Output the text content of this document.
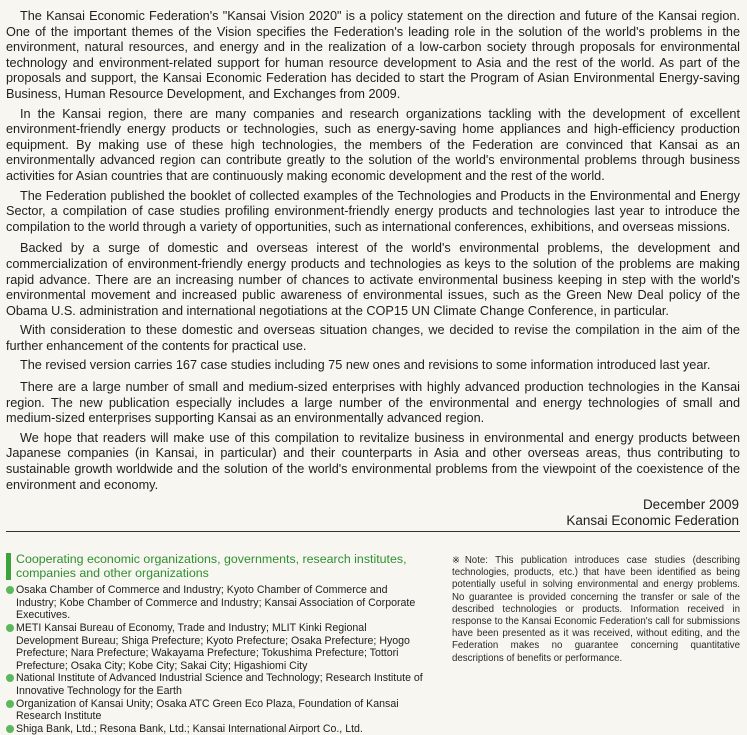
The Kansai Economic Federation's "Kansai Vision 2020" is a policy statement on the direction and future of the Kansai region. One of the important themes of the Vision specifies the Federation's leading role in the solution of the world's problems in the environment, natural resources, and energy and in the realization of a low-carbon society through proposals for environmental technology and environment-related support for human resource development to Asia and the rest of the world. As part of the proposals and support, the Kansai Economic Federation has decided to start the Program of Asian Environmental Energy-saving Business, Human Resource Development, and Exchanges from 2009.

In the Kansai region, there are many companies and research organizations tackling with the development of excellent environment-friendly energy products or technologies, such as energy-saving home appliances and high-efficiency production equipment. By making use of these high technologies, the members of the Federation are convinced that Kansai as an environmentally advanced region can contribute greatly to the solution of the world's environmental problems through business activities for Asian countries that are continuously making economic development and the rest of the world.

The Federation published the booklet of collected examples of the Technologies and Products in the Environmental and Energy Sector, a compilation of case studies profiling environment-friendly energy products and technologies last year to introduce the compilation to the world through a variety of opportunities, such as international conferences, exhibitions, and overseas missions.

Backed by a surge of domestic and overseas interest of the world's environmental problems, the development and commercialization of environment-friendly energy products and technologies as keys to the solution of the problems are making rapid advance. There are an increasing number of chances to activate environmental business keeping in step with the world's environmental movement and increased public awareness of environmental issues, such as the Green New Deal policy of the Obama U.S. administration and international negotiations at the COP15 UN Climate Change Conference, in particular.

With consideration to these domestic and overseas situation changes, we decided to revise the compilation in the aim of the further enhancement of the contents for practical use.

The revised version carries 167 case studies including 75 new ones and revisions to some information introduced last year.

There are a large number of small and medium-sized enterprises with highly advanced production technologies in the Kansai region. The new publication especially includes a large number of the environmental and energy technologies of small and medium-sized enterprises supporting Kansai as an environmentally advanced region.

We hope that readers will make use of this compilation to revitalize business in environmental and energy products between Japanese companies (in Kansai, in particular) and their counterparts in Asia and other overseas areas, thus contributing to sustainable growth worldwide and the solution of the world's environmental problems from the viewpoint of the coexistence of the environment and economy.

December 2009
Kansai Economic Federation
Cooperating economic organizations, governments, research institutes, companies and other organizations
Osaka Chamber of Commerce and Industry; Kyoto Chamber of Commerce and Industry; Kobe Chamber of Commerce and Industry; Kansai Association of Corporate Executives.
METI Kansai Bureau of Economy, Trade and Industry; MLIT Kinki Regional Development Bureau; Shiga Prefecture; Kyoto Prefecture; Osaka Prefecture; Hyogo Prefecture; Nara Prefecture; Wakayama Prefecture; Tokushima Prefecture; Tottori Prefecture; Osaka City; Kobe City; Sakai City; Higashiomi City
National Institute of Advanced Industrial Science and Technology; Research Institute of Innovative Technology for the Earth
Organization of Kansai Unity; Osaka ATC Green Eco Plaza, Foundation of Kansai Research Institute
Shiga Bank, Ltd.; Resona Bank, Ltd.; Kansai International Airport Co., Ltd.
※Note: This publication introduces case studies (describing technologies, products, etc.) that have been identified as being potentially useful in solving environmental and energy problems. No guarantee is provided concerning the transfer or sale of the described technologies or products. Information received in response to the Kansai Economic Federation's call for submissions have been presented as it was received, without editing, and the Federation makes no guarantee concerning quantitative descriptions of benefits or performance.
